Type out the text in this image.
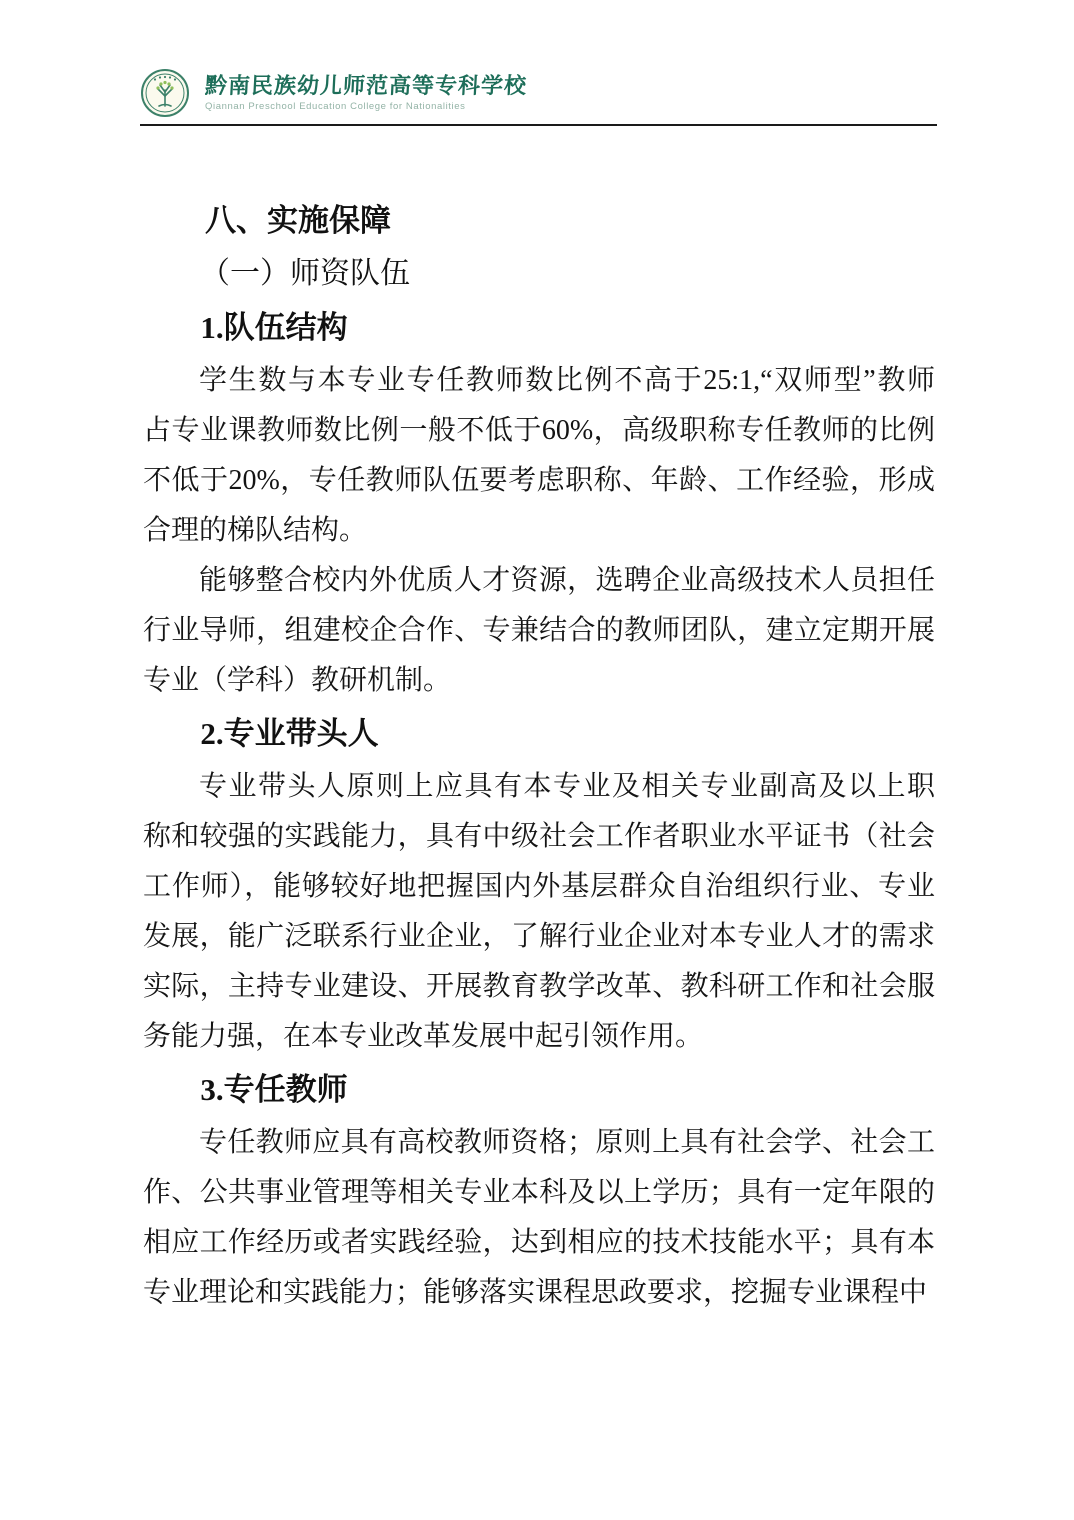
黔南民族幼儿师范高等专科学校
Qiannan Preschool Education College for Nationalities
八、实施保障
（一）师资队伍
1.队伍结构
学生数与本专业专任教师数比例不高于25:1,“双师型”教师
占专业课教师数比例一般不低于60%，高级职称专任教师的比例
不低于20%，专任教师队伍要考虑职称、年龄、工作经验，形成
合理的梯队结构。
能够整合校内外优质人才资源，选聘企业高级技术人员担任
行业导师，组建校企合作、专兼结合的教师团队，建立定期开展
专业（学科）教研机制。
2.专业带头人
专业带头人原则上应具有本专业及相关专业副高及以上职
称和较强的实践能力，具有中级社会工作者职业水平证书（社会
工作师），能够较好地把握国内外基层群众自治组织行业、专业
发展，能广泛联系行业企业，了解行业企业对本专业人才的需求
实际，主持专业建设、开展教育教学改革、教科研工作和社会服
务能力强，在本专业改革发展中起引领作用。
3.专任教师
专任教师应具有高校教师资格；原则上具有社会学、社会工
作、公共事业管理等相关专业本科及以上学历；具有一定年限的
相应工作经历或者实践经验，达到相应的技术技能水平；具有本
专业理论和实践能力；能够落实课程思政要求，挖掘专业课程中
